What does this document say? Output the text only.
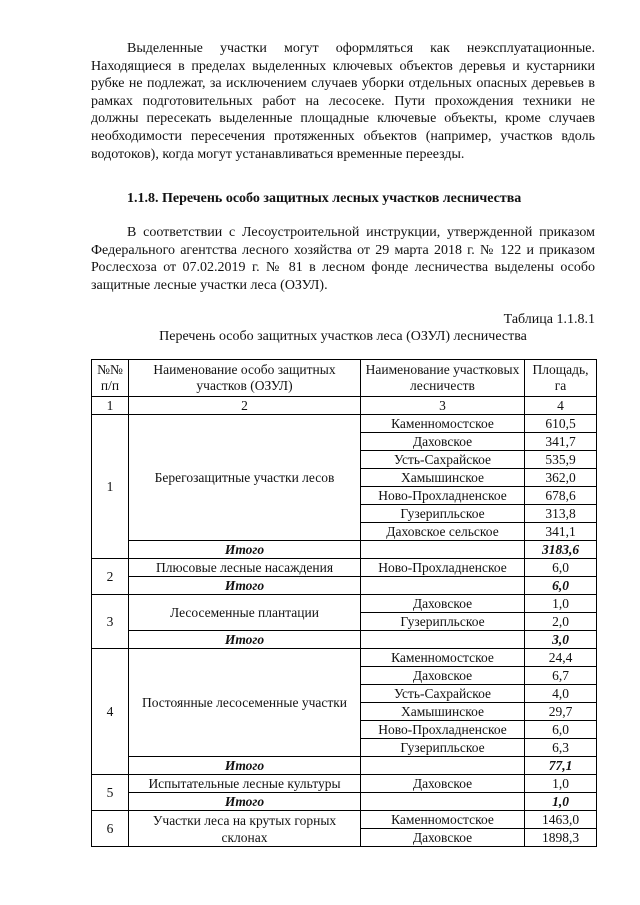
Выделенные участки могут оформляться как неэксплуатационные. Находящиеся в пределах выделенных ключевых объектов деревья и кустарники рубке не подлежат, за исключением случаев уборки отдельных опасных деревьев в рамках подготовительных работ на лесосеке. Пути прохождения техники не должны пересекать выделенные площадные ключевые объекты, кроме случаев необходимости пересечения протяженных объектов (например, участков вдоль водотоков), когда могут устанавливаться временные переезды.

1.1.8. Перечень особо защитных лесных участков лесничества

В соответствии с Лесоустроительной инструкции, утвержденной приказом Федерального агентства лесного хозяйства от 29 марта 2018 г. № 122 и приказом Рослесхоза от 07.02.2019 г. № 81 в лесном фонде лесничества выделены особо защитные лесные участки леса (ОЗУЛ).

Таблица 1.1.8.1
Перечень особо защитных участков леса (ОЗУЛ) лесничества
№№ п/п	Наименование особо защитных участков (ОЗУЛ)	Наименование участковых лесничеств	Площадь, га
1	2	3	4
1	Берегозащитные участки лесов	Каменномостское	610,5
		Даховское	341,7
		Усть-Сахрайское	535,9
		Хамышинское	362,0
		Ново-Прохладненское	678,6
		Гузерипльское	313,8
		Даховское сельское	341,1
	Итого		3183,6
2	Плюсовые лесные насаждения	Ново-Прохладненское	6,0
	Итого		6,0
3	Лесосеменные плантации	Даховское	1,0
		Гузерипльское	2,0
	Итого		3,0
4	Постоянные лесосеменные участки	Каменномостское	24,4
		Даховское	6,7
		Усть-Сахрайское	4,0
		Хамышинское	29,7
		Ново-Прохладненское	6,0
		Гузерипльское	6,3
	Итого		77,1
5	Испытательные лесные культуры	Даховское	1,0
	Итого		1,0
6	Участки леса на крутых горных склонах	Каменномостское	1463,0
		Даховское	1898,3
